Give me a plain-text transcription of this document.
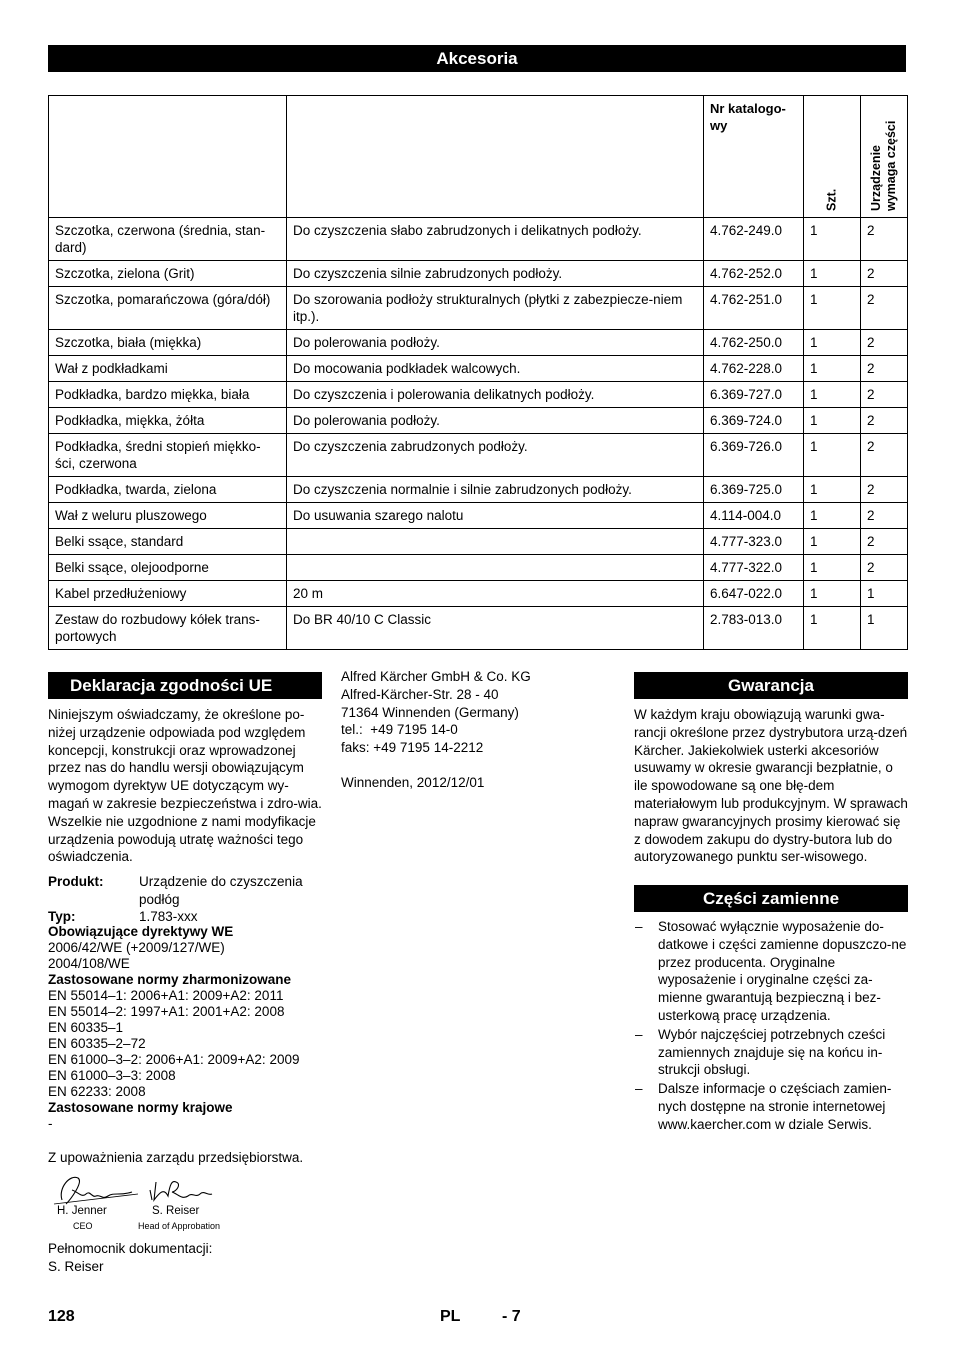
Akcesoria
		Nr katalogo-wy	Szt.	Urządzenie wymaga części

Szczotka, czerwona (średnia, stan-dard)	Do czyszczenia słabo zabrudzonych i delikatnych podłoży.	4.762-249.0	1	2
Szczotka, zielona (Grit)	Do czyszczenia silnie zabrudzonych podłoży.	4.762-252.0	1	2
Szczotka, pomarańczowa (góra/dół)	Do szorowania podłoży strukturalnych (płytki z zabezpiecze-niem itp.).	4.762-251.0	1	2
Szczotka, biała (miękka)	Do polerowania podłoży.	4.762-250.0	1	2
Wał z podkładkami	Do mocowania podkładek walcowych.	4.762-228.0	1	2
Podkładka, bardzo miękka, biała	Do czyszczenia i polerowania delikatnych podłoży.	6.369-727.0	1	2
Podkładka, miękka, żółta	Do polerowania podłoży.	6.369-724.0	1	2
Podkładka, średni stopień miękko-ści, czerwona	Do czyszczenia zabrudzonych podłoży.	6.369-726.0	1	2
Podkładka, twarda, zielona	Do czyszczenia normalnie i silnie zabrudzonych podłoży.	6.369-725.0	1	2
Wał z weluru pluszowego	Do usuwania szarego nalotu	4.114-004.0	1	2
Belki ssące, standard		4.777-323.0	1	2
Belki ssące, olejoodporne		4.777-322.0	1	2
Kabel przedłużeniowy	20 m	6.647-022.0	1	1
Zestaw do rozbudowy kółek trans-portowych	Do BR 40/10 C Classic	2.783-013.0	1	1
Deklaracja zgodności UE
Niniejszym oświadczamy, że określone po-niżej urządzenie odpowiada pod względem koncepcji, konstrukcji oraz wprowadzonej przez nas do handlu wersji obowiązującym wymogom dyrektyw UE dotyczącym wy-magań w zakresie bezpieczeństwa i zdro-wia. Wszelkie nie uzgodnione z nami modyfikacje urządzenia powodują utratę ważności tego oświadczenia.
Produkt:	Urządzenie do czyszczenia podłóg
Typ:	1.783-xxx
Obowiązujące dyrektywy WE
2006/42/WE (+2009/127/WE)
2004/108/WE
Zastosowane normy zharmonizowane
EN 55014–1: 2006+A1: 2009+A2: 2011
EN 55014–2: 1997+A1: 2001+A2: 2008
EN 60335–1
EN 60335–2–72
EN 61000–3–2: 2006+A1: 2009+A2: 2009
EN 61000–3–3: 2008
EN 62233: 2008
Zastosowane normy krajowe
-
Z upoważnienia zarządu przedsiębiorstwa.
H. Jenner
CEO
S. Reiser
Head of Approbation
Pełnomocnik dokumentacji:
S. Reiser
Alfred Kärcher GmbH & Co. KG
Alfred-Kärcher-Str. 28 - 40
71364 Winnenden (Germany)
tel.:  +49 7195 14-0
faks: +49 7195 14-2212
Winnenden, 2012/12/01
Gwarancja
W każdym kraju obowiązują warunki gwa-rancji określone przez dystrybutora urzą-dzeń Kärcher. Jakiekolwiek usterki akcesoriów usuwamy w okresie gwarancji bezpłatnie, o ile spowodowane są one błę-dem materiałowym lub produkcyjnym. W sprawach napraw gwarancyjnych prosimy kierować się z dowodem zakupu do dystry-butora lub do autoryzowanego punktu ser-wisowego.
Części zamienne
–	Stosować wyłącznie wyposażenie do-datkowe i części zamienne dopuszczo-ne przez producenta. Oryginalne wyposażenie i oryginalne części za-mienne gwarantują bezpieczną i bez-usterkową pracę urządzenia.
–	Wybór najczęściej potrzebnych cześci zamiennych znajduje się na końcu in-strukcji obsługi.
–	Dalsze informacje o częściach zamien-nych dostępne na stronie internetowej www.kaercher.com w dziale Serwis.
128	PL	- 7
